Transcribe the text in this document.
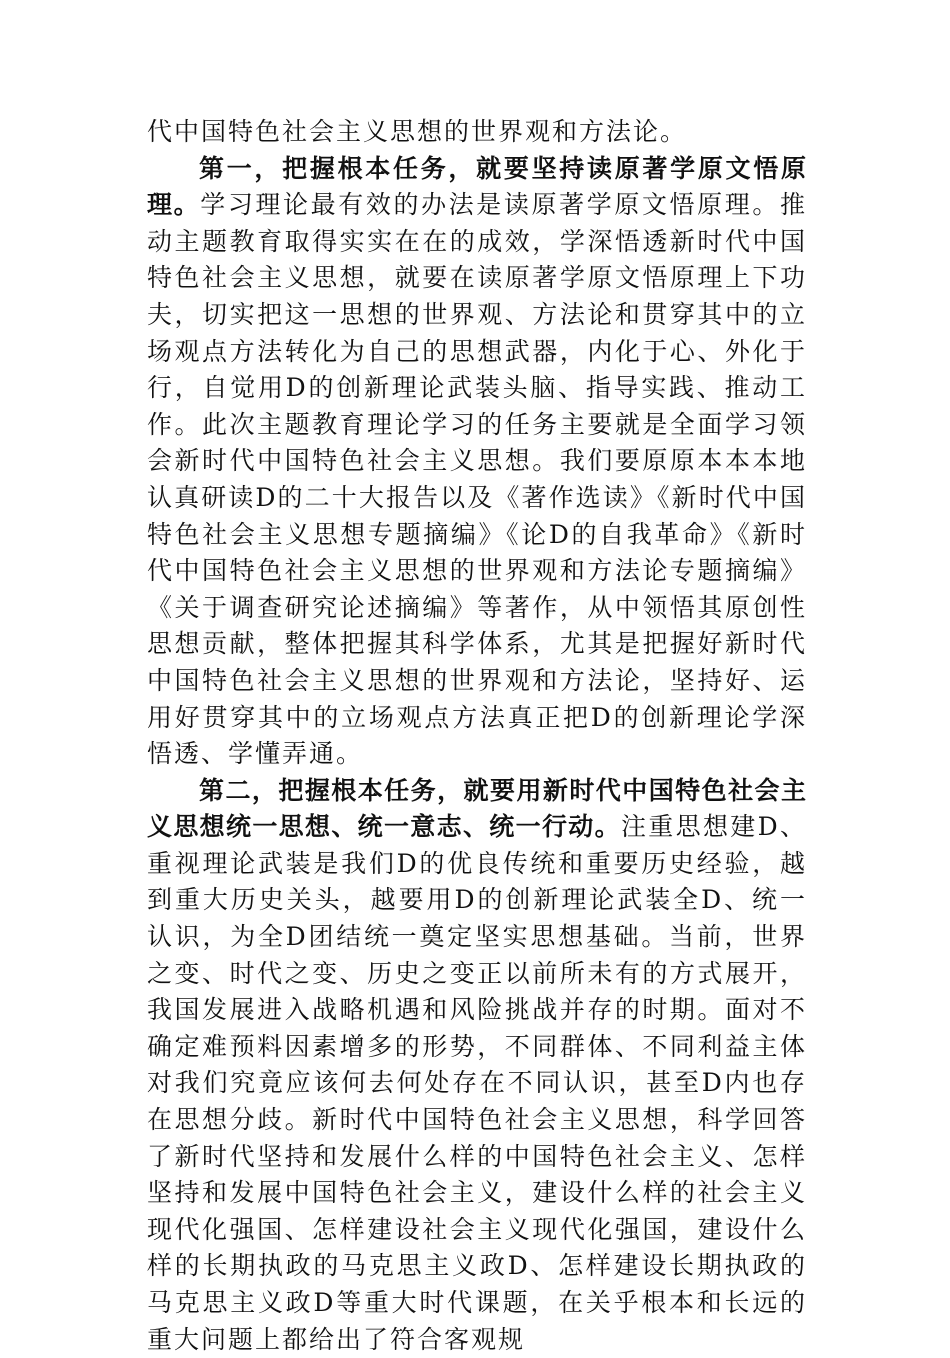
代中国特色社会主义思想的世界观和方法论。

第一，把握根本任务，就要坚持读原著学原文悟原理。学习理论最有效的办法是读原著学原文悟原理。推动主题教育取得实实在在的成效，学深悟透新时代中国特色社会主义思想，就要在读原著学原文悟原理上下功夫，切实把这一思想的世界观、方法论和贯穿其中的立场观点方法转化为自己的思想武器，内化于心、外化于行，自觉用D的创新理论武装头脑、指导实践、推动工作。此次主题教育理论学习的任务主要就是全面学习领会新时代中国特色社会主义思想。我们要原原本本本地认真研读D的二十大报告以及《著作选读》《新时代中国特色社会主义思想专题摘编》《论D的自我革命》《新时代中国特色社会主义思想的世界观和方法论专题摘编》《关于调查研究论述摘编》等著作，从中领悟其原创性思想贡献，整体把握其科学体系，尤其是把握好新时代中国特色社会主义思想的世界观和方法论，坚持好、运用好贯穿其中的立场观点方法真正把D的创新理论学深悟透、学懂弄通。

第二，把握根本任务，就要用新时代中国特色社会主义思想统一思想、统一意志、统一行动。注重思想建D、重视理论武装是我们D的优良传统和重要历史经验，越到重大历史关头，越要用D的创新理论武装全D、统一认识，为全D团结统一奠定坚实思想基础。当前，世界之变、时代之变、历史之变正以前所未有的方式展开，我国发展进入战略机遇和风险挑战并存的时期。面对不确定难预料因素增多的形势，不同群体、不同利益主体对我们究竟应该何去何处存在不同认识，甚至D内也存在思想分歧。新时代中国特色社会主义思想，科学回答了新时代坚持和发展什么样的中国特色社会主义、怎样坚持和发展中国特色社会主义，建设什么样的社会主义现代化强国、怎样建设社会主义现代化强国，建设什么样的长期执政的马克思主义政D、怎样建设长期执政的马克思主义政D等重大时代课题，在关乎根本和长远的重大问题上都给出了符合客观规
